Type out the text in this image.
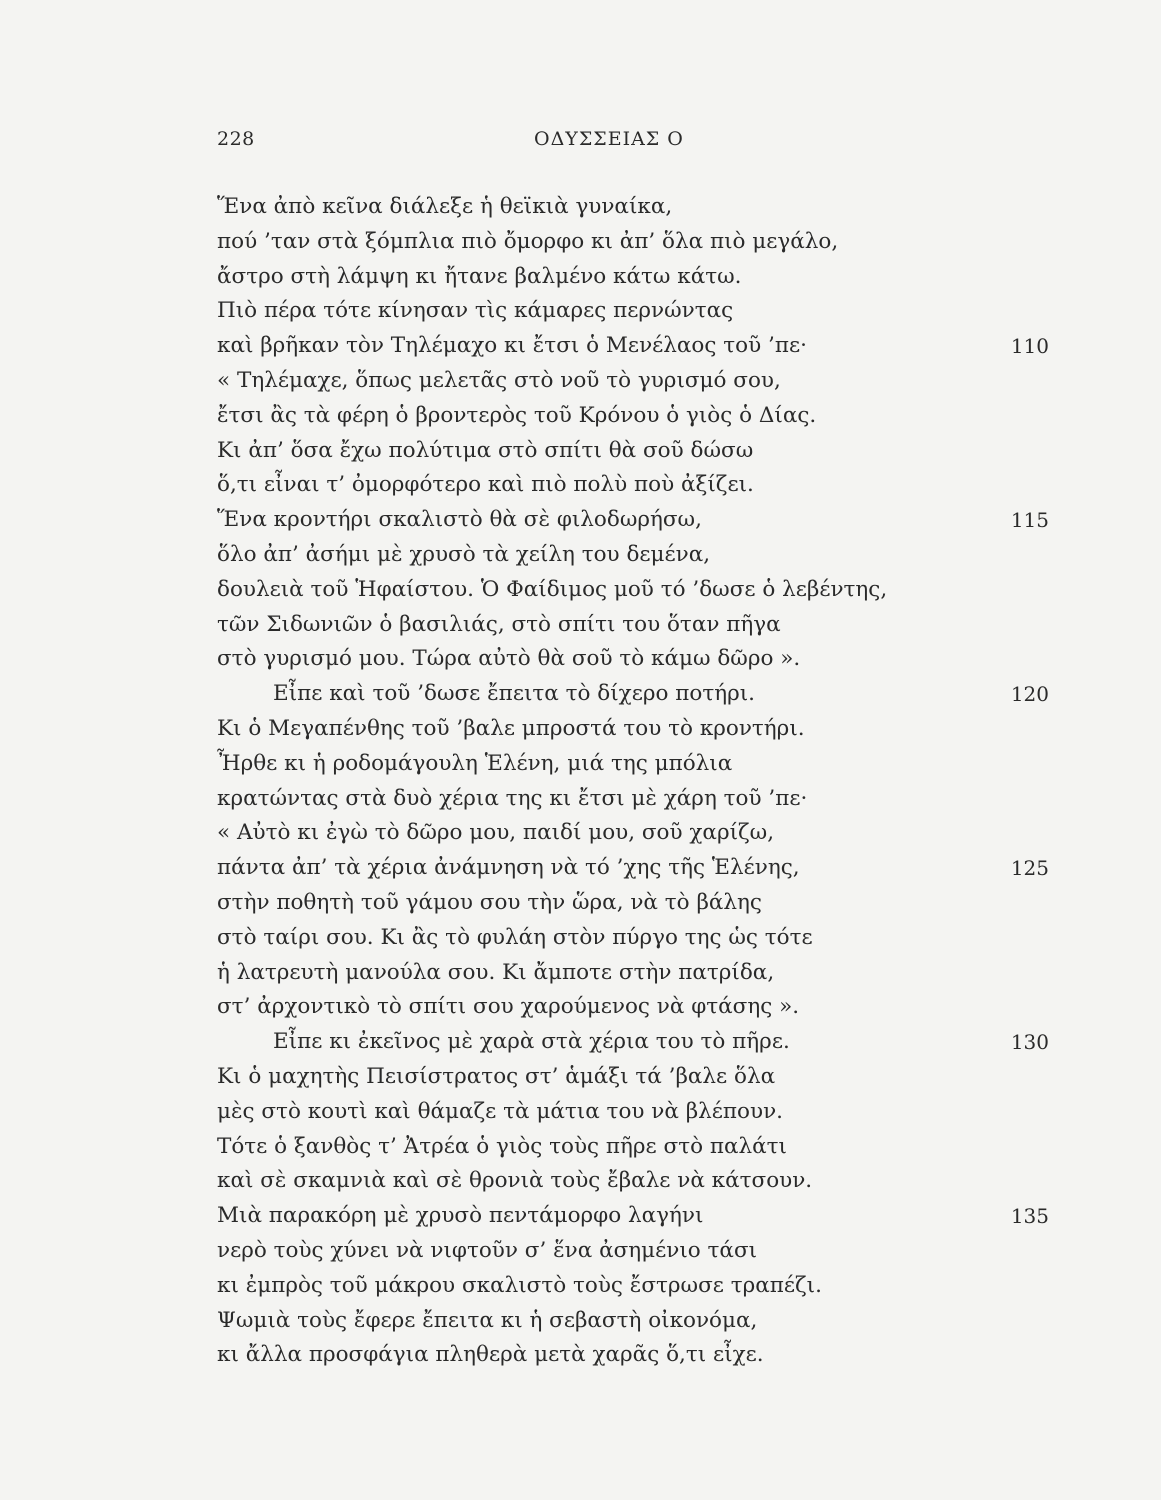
228	ΟΔΥΣΣΕΙΑΣ Ο
Ἕνα ἀπὸ κεῖνα διάλεξε ἡ θεϊκιὰ γυναίκα,
πού ’ταν στὰ ξόμπλια πιὸ ὄμορφο κι ἀπ’ ὅλα πιὸ μεγάλο,
ἄστρο στὴ λάμψη κι ἤτανε βαλμένο κάτω κάτω.
Πιὸ πέρα τότε κίνησαν τὶς κάμαρες περνώντας
καὶ βρῆκαν τὸν Τηλέμαχο κι ἔτσι ὁ Μενέλαος τοῦ ’πε·	110
« Τηλέμαχε, ὅπως μελετᾶς στὸ νοῦ τὸ γυρισμό σου,
ἔτσι ἂς τὰ φέρη ὁ βροντερὸς τοῦ Κρόνου ὁ γιὸς ὁ Δίας.
Κι ἀπ’ ὅσα ἔχω πολύτιμα στὸ σπίτι θὰ σοῦ δώσω
ὅ,τι εἶναι τ’ ὀμορφότερο καὶ πιὸ πολὺ ποὺ ἀξίζει.
Ἕνα κροντήρι σκαλιστὸ θὰ σὲ φιλοδωρήσω,	115
ὅλο ἀπ’ ἀσήμι μὲ χρυσὸ τὰ χείλη του δεμένα,
δουλειὰ τοῦ Ἡφαίστου. Ὁ Φαίδιμος μοῦ τό ’δωσε ὁ λεβέντης,
τῶν Σιδωνιῶν ὁ βασιλιάς, στὸ σπίτι του ὅταν πῆγα
στὸ γυρισμό μου. Τώρα αὐτὸ θὰ σοῦ τὸ κάμω δῶρο ».
Εἶπε καὶ τοῦ ’δωσε ἔπειτα τὸ δίχερο ποτήρι.	120
Κι ὁ Μεγαπένθης τοῦ ’βαλε μπροστά του τὸ κροντήρι.
Ἦρθε κι ἡ ροδομάγουλη Ἑλένη, μιά της μπόλια
κρατώντας στὰ δυὸ χέρια της κι ἔτσι μὲ χάρη τοῦ ’πε·
« Αὐτὸ κι ἐγὼ τὸ δῶρο μου, παιδί μου, σοῦ χαρίζω,
πάντα ἀπ’ τὰ χέρια ἀνάμνηση νὰ τό ’χης τῆς Ἑλένης,	125
στὴν ποθητὴ τοῦ γάμου σου τὴν ὥρα, νὰ τὸ βάλης
στὸ ταίρι σου. Κι ἂς τὸ φυλάη στὸν πύργο της ὡς τότε
ἡ λατρευτὴ μανούλα σου. Κι ἄμποτε στὴν πατρίδα,
στ’ ἀρχοντικὸ τὸ σπίτι σου χαρούμενος νὰ φτάσης ».
Εἶπε κι ἐκεῖνος μὲ χαρὰ στὰ χέρια του τὸ πῆρε.	130
Κι ὁ μαχητὴς Πεισίστρατος στ’ ἁμάξι τά ’βαλε ὅλα
μὲς στὸ κουτὶ καὶ θάμαζε τὰ μάτια του νὰ βλέπουν.
Τότε ὁ ξανθὸς τ’ Ἀτρέα ὁ γιὸς τοὺς πῆρε στὸ παλάτι
καὶ σὲ σκαμνιὰ καὶ σὲ θρονιὰ τοὺς ἔβαλε νὰ κάτσουν.
Μιὰ παρακόρη μὲ χρυσὸ πεντάμορφο λαγήνι	135
νερὸ τοὺς χύνει νὰ νιφτοῦν σ’ ἕνα ἀσημένιο τάσι
κι ἐμπρὸς τοῦ μάκρου σκαλιστὸ τοὺς ἔστρωσε τραπέζι.
Ψωμιὰ τοὺς ἔφερε ἔπειτα κι ἡ σεβαστὴ οἰκονόμα,
κι ἄλλα προσφάγια πληθερὰ μετὰ χαρᾶς ὅ,τι εἶχε.
